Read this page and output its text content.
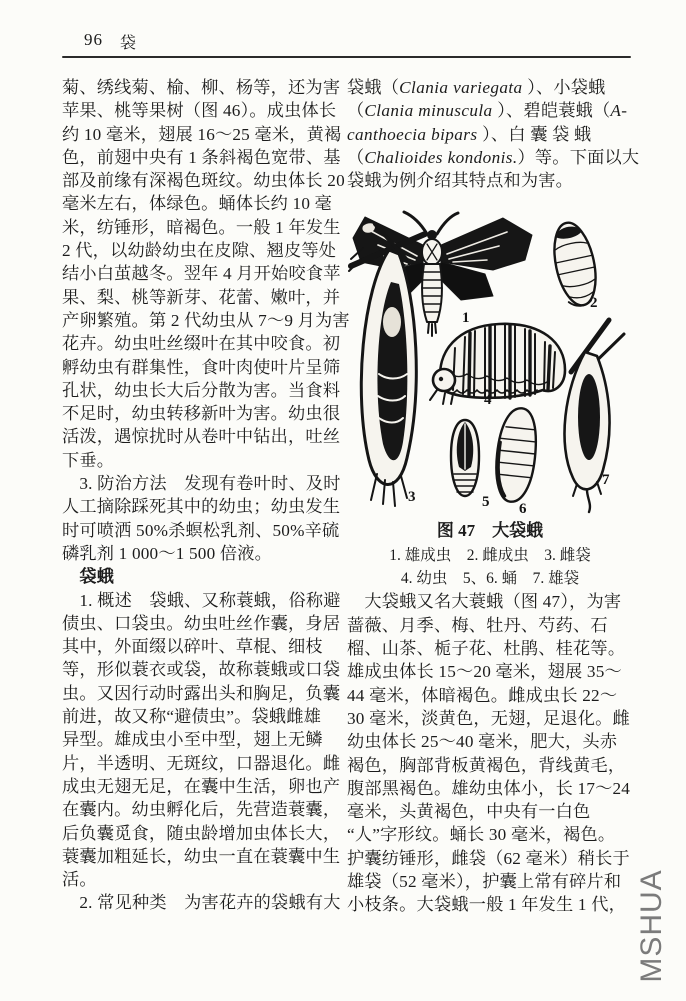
96 袋
菊、绣线菊、榆、柳、杨等，还为害
苹果、桃等果树（图 46）。成虫体长
约 10 毫米，翅展 16～25 毫米，黄褐
色，前翅中央有 1 条斜褐色宽带、基
部及前缘有深褐色斑纹。幼虫体长 20
毫米左右，体绿色。蛹体长约 10 毫
米，纺锤形，暗褐色。一般 1 年发生
2 代，以幼龄幼虫在皮隙、翘皮等处
结小白茧越冬。翌年 4 月开始咬食苹
果、梨、桃等新芽、花蕾、嫩叶，并
产卵繁殖。第 2 代幼虫从 7～9 月为害
花卉。幼虫吐丝缀叶在其中咬食。初
孵幼虫有群集性，食叶肉使叶片呈筛
孔状，幼虫长大后分散为害。当食料
不足时，幼虫转移新叶为害。幼虫很
活泼，遇惊扰时从卷叶中钻出，吐丝
下垂。
　3. 防治方法　发现有卷叶时、及时
人工摘除踩死其中的幼虫；幼虫发生
时可喷洒 50%杀螟松乳剂、50%辛硫
磷乳剂 1 000～1 500 倍液。
　袋蛾
　1. 概述　袋蛾、又称蓑蛾，俗称避
债虫、口袋虫。幼虫吐丝作囊，身居
其中，外面缀以碎叶、草棍、细枝
等，形似蓑衣或袋，故称蓑蛾或口袋
虫。又因行动时露出头和胸足，负囊
前进，故又称“避债虫”。袋蛾雌雄
异型。雄成虫小至中型，翅上无鳞
片，半透明、无斑纹，口器退化。雌
成虫无翅无足，在囊中生活，卵也产
在囊内。幼虫孵化后，先营造蓑囊，
后负囊觅食，随虫龄增加虫体长大，
蓑囊加粗延长，幼虫一直在蓑囊中生
活。
　2. 常见种类　为害花卉的袋蛾有大
袋蛾（Clania variegata ）、小袋蛾
（Clania minuscula ）、碧皑蓑蛾（A-
canthoecia bipars ）、白 囊 袋 蛾
（Chalioides kondonis.）等。下面以大
袋蛾为例介绍其特点和为害。
1
2
3
4
5 6
7
图 47　大袋蛾
1. 雄成虫　2. 雌成虫　3. 雌袋
4. 幼虫　5、6. 蛹　7. 雄袋
　大袋蛾又名大蓑蛾（图 47），为害
蔷薇、月季、梅、牡丹、芍药、石
榴、山茶、栀子花、杜鹃、桂花等。
雄成虫体长 15～20 毫米，翅展 35～
44 毫米，体暗褐色。雌成虫长 22～
30 毫米，淡黄色，无翅，足退化。雌
幼虫体长 25～40 毫米，肥大，头赤
褐色，胸部背板黄褐色，背线黄毛，
腹部黑褐色。雄幼虫体小，长 17～24
毫米，头黄褐色，中央有一白色
“人”字形纹。蛹长 30 毫米，褐色。
护囊纺锤形，雌袋（62 毫米）稍长于
雄袋（52 毫米），护囊上常有碎片和
小枝条。大袋蛾一般 1 年发生 1 代， MSHUA
